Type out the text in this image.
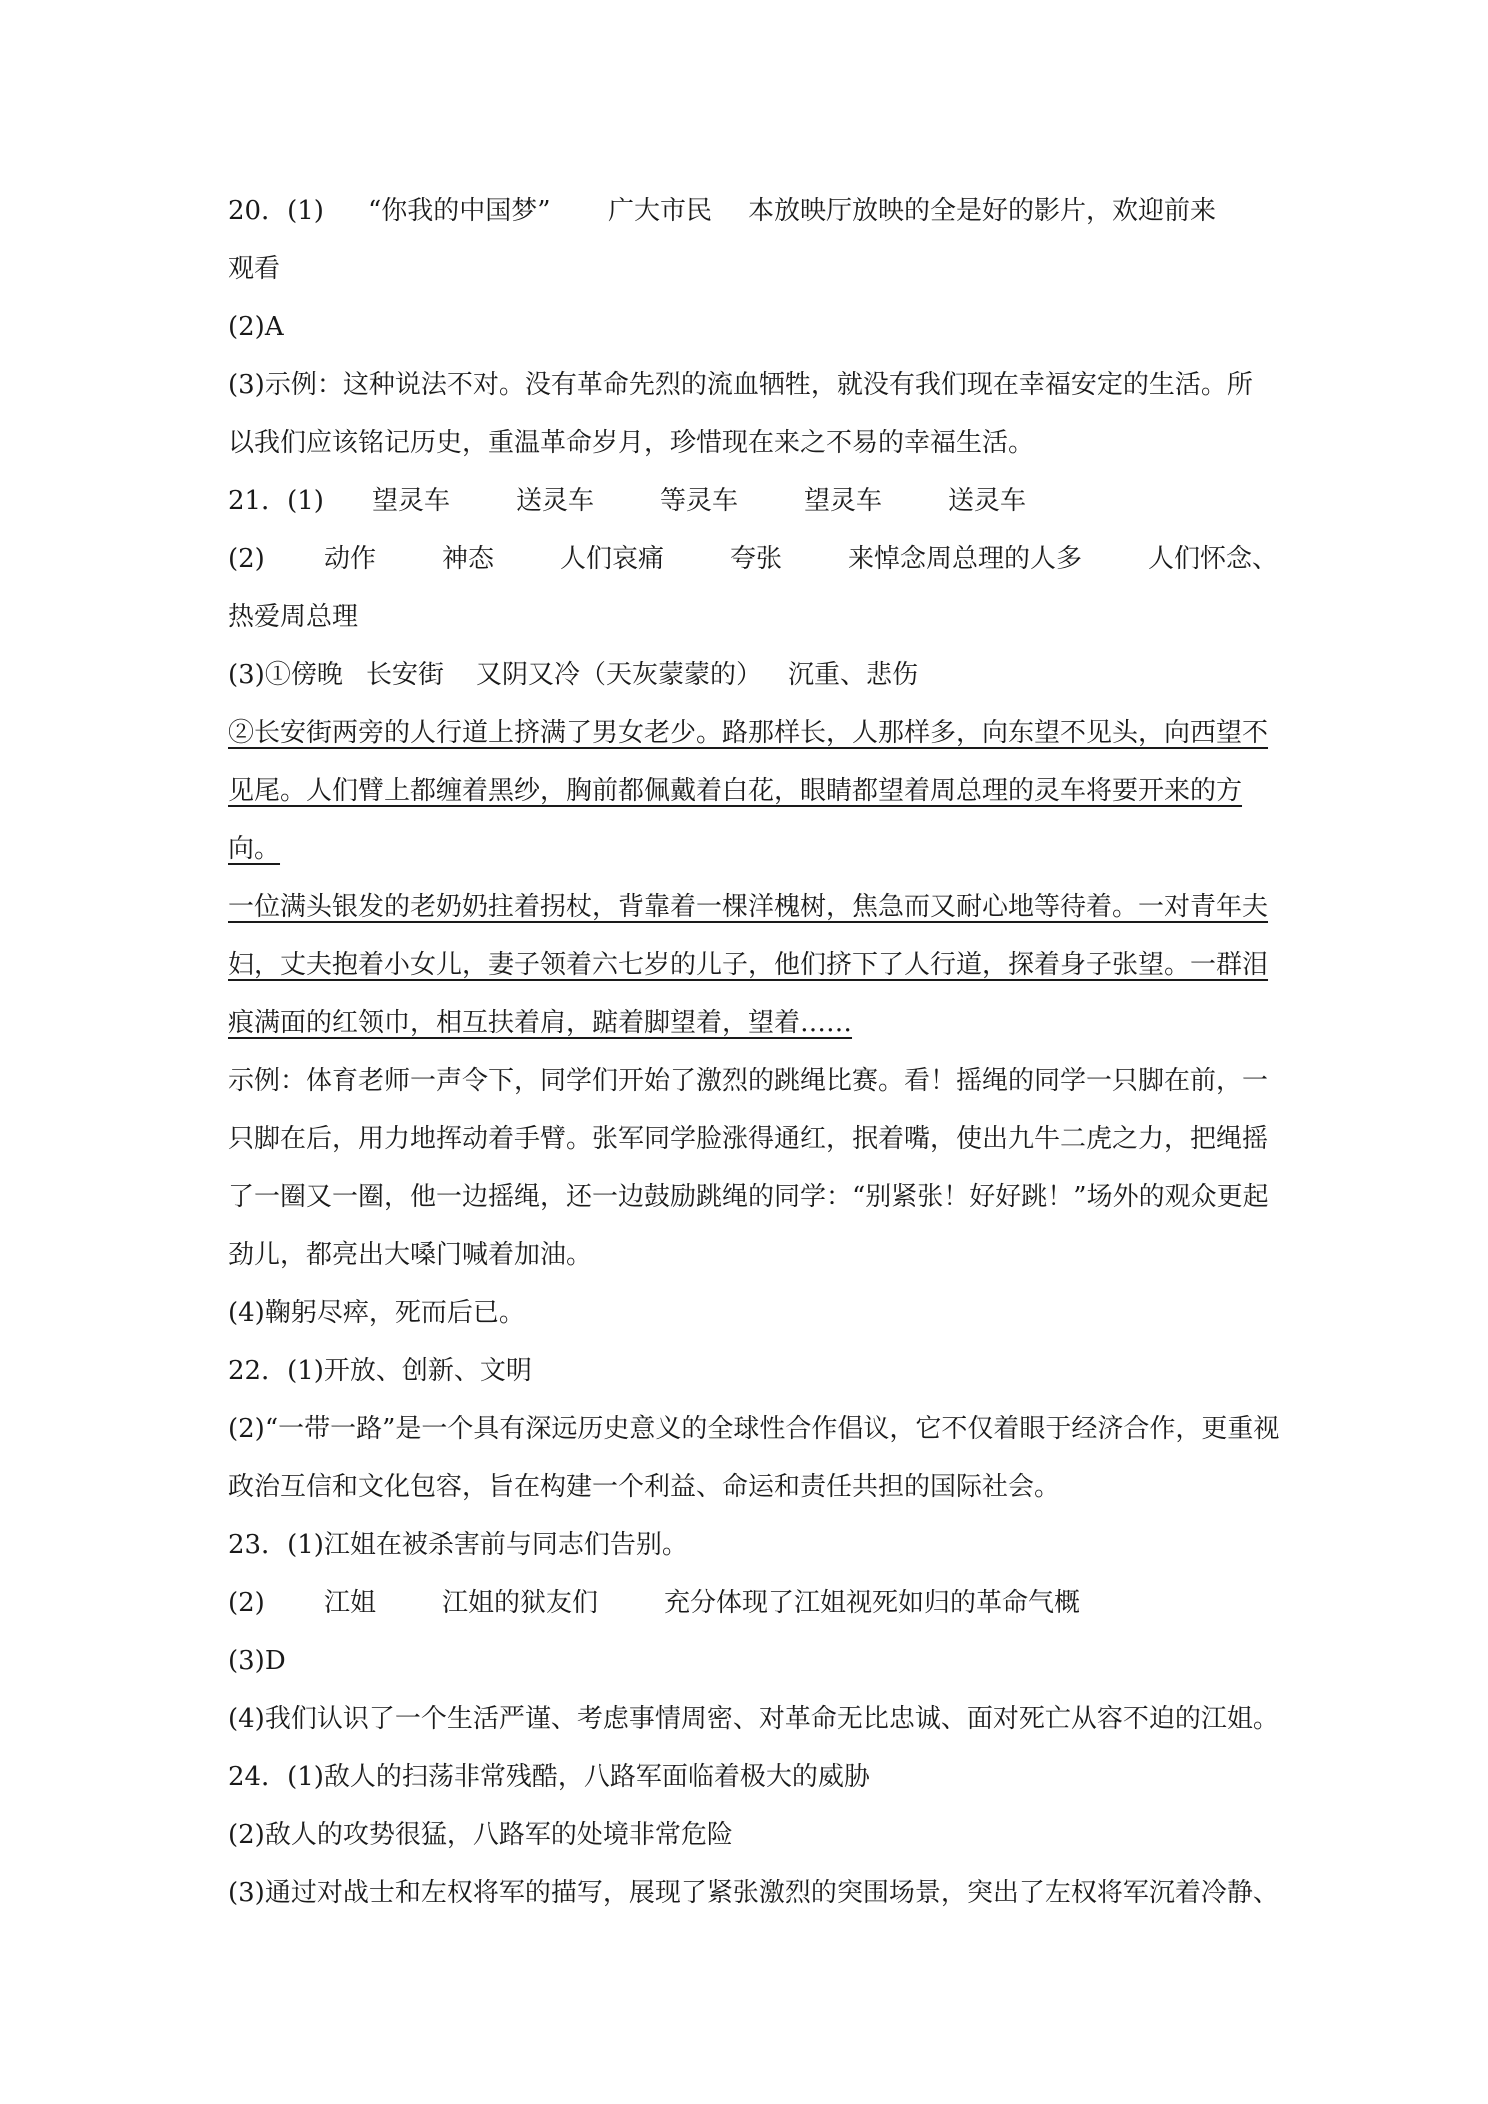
20．(1) “你我的中国梦” 广大市民 本放映厅放映的全是好的影片，欢迎前来

观看

(2)A

(3)示例：这种说法不对。没有革命先烈的流血牺牲，就没有我们现在幸福安定的生活。所

以我们应该铭记历史，重温革命岁月，珍惜现在来之不易的幸福生活。

21．(1) 望灵车	送灵车	等灵车	望灵车	送灵车

(2) 动作	神态	人们哀痛	夸张	来悼念周总理的人多	人们怀念、

热爱周总理

(3)①傍晚 长安街 又阴又冷（天灰蒙蒙的） 沉重、悲伤

②长安街两旁的人行道上挤满了男女老少。路那样长，人那样多，向东望不见头，向西望不

见尾。人们臂上都缠着黑纱，胸前都佩戴着白花，眼睛都望着周总理的灵车将要开来的方

向。

一位满头银发的老奶奶拄着拐杖，背靠着一棵洋槐树，焦急而又耐心地等待着。一对青年夫

妇，丈夫抱着小女儿，妻子领着六七岁的儿子，他们挤下了人行道，探着身子张望。一群泪

痕满面的红领巾，相互扶着肩，踮着脚望着，望着……

示例：体育老师一声令下，同学们开始了激烈的跳绳比赛。看！摇绳的同学一只脚在前，一

只脚在后，用力地挥动着手臂。张军同学脸涨得通红，抿着嘴，使出九牛二虎之力，把绳摇

了一圈又一圈，他一边摇绳，还一边鼓励跳绳的同学：“别紧张！好好跳！”场外的观众更起

劲儿，都亮出大嗓门喊着加油。

(4)鞠躬尽瘁，死而后已。

22．(1)开放、创新、文明

(2)“一带一路”是一个具有深远历史意义的全球性合作倡议，它不仅着眼于经济合作，更重视

政治互信和文化包容，旨在构建一个利益、命运和责任共担的国际社会。

23．(1)江姐在被杀害前与同志们告别。

(2) 江姐	江姐的狱友们	充分体现了江姐视死如归的革命气概

(3)D

(4)我们认识了一个生活严谨、考虑事情周密、对革命无比忠诚、面对死亡从容不迫的江姐。

24．(1)敌人的扫荡非常残酷，八路军面临着极大的威胁

(2)敌人的攻势很猛，八路军的处境非常危险

(3)通过对战士和左权将军的描写，展现了紧张激烈的突围场景，突出了左权将军沉着冷静、
